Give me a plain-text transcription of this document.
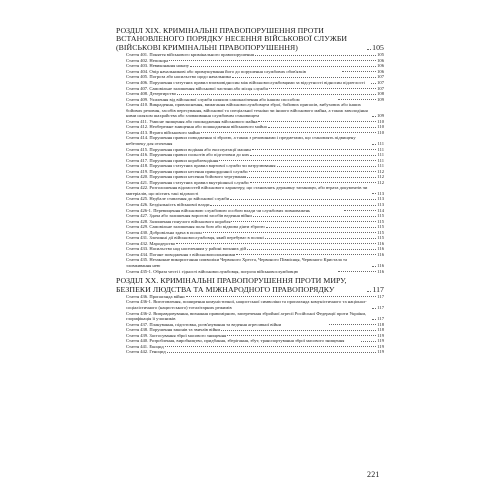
РОЗДІЛ XIX. КРИМІНАЛЬНІ ПРАВОПОРУШЕННЯ ПРОТИ ВСТАНОВЛЕНОГО ПОРЯДКУ НЕСЕННЯ ВІЙСЬКОВОЇ СЛУЖБИ (ВІЙСЬКОВІ КРИМІНАЛЬНІ ПРАВОПОРУШЕННЯ)	105
Стаття 401. Поняття військового кримінального правопорушення	105
Стаття 402. Непокора	106
Стаття 403. Невиконання наказу	106
Стаття 404. Опір начальникові або примушування його до порушення службових обов'язків	106
Стаття 405. Погроза або насильство щодо начальника	107
Стаття 406. Порушення статутних правил взаємовідносин між військовослужбовцями за відсутності відносин підлеглості	107
Стаття 407. Самовільне залишення військової частини або місця служби	107
Стаття 408. Дезертирство	108
Стаття 409. Ухилення від військової служби шляхом самокалічення або іншим способом	109
Стаття 410. Викрадення, привласнення, вимагання військовослужбовцем зброї, бойових припасів, вибухових або інших бойових речовин, засобів пересування, військової та спеціальної техніки чи іншого військового майна, а також заволодіння ними шляхом шахрайства або зловживання службовим становищем	109
Стаття 411. Умисне знищення або пошкодження військового майна	110
Стаття 412. Необережне знищення або пошкодження військового майна	110
Стаття 413. Втрата військового майна	110
Стаття 414. Порушення правил поводження зі зброєю, а також з речовинами і предметами, що становлять підвищену небезпеку для оточення	111
Стаття 415. Порушення правил водіння або експлуатації машин	111
Стаття 416. Порушення правил польотів або підготовки до них	111
Стаття 417. Порушення правил кораблеводіння	111
Стаття 418. Порушення статутних правил вартової служби чи патрулювання	111
Стаття 419. Порушення правил несення прикордонної служби	112
Стаття 420. Порушення правил несення бойового чергування	112
Стаття 421. Порушення статутних правил внутрішньої служби	112
Стаття 422. Розголошення відомостей військового характеру, що становлять державну таємницю, або втрата документів чи матеріалів, що містять такі відомості	113
Стаття 425. Недбале ставлення до військової служби	113
Стаття 426. Бездіяльність військової влади	113
Стаття 426-1. Перевищення військовою службовою особою влади чи службових повноважень	114
Стаття 427. Здача або залишення ворогові засобів ведення війни	115
Стаття 428. Залишення гинучого військового корабля	115
Стаття 429. Самовільне залишення поля бою або відмова діяти зброєю	115
Стаття 430. Добровільна здача в полон	115
Стаття 431. Злочинні дії військовослужбовця, який перебуває в полоні	115
Стаття 432. Мародерство	116
Стаття 433. Насильство над населенням у районі воєнних дій	116
Стаття 434. Погане поводження з військовополоненими	116
Стаття 435. Незаконне використання символіки Червоного Хреста, Червоного Півмісяця, Червоного Кристала та зловживання нею	116
Стаття 435-1. Образа честі і гідності військовослужбовця, погроза військовослужбовцю	116
РОЗДІЛ XX. КРИМІНАЛЬНІ ПРАВОПОРУШЕННЯ ПРОТИ МИРУ, БЕЗПЕКИ ЛЮДСТВА ТА МІЖНАРОДНОГО ПРАВОПОРЯДКУ	117
Стаття 436. Пропаганда війни	117
Стаття 436-1. Виготовлення, поширення комуністичної, нацистської символіки та пропаганда комуністичного та націонал-соціалістичного (нацистського) тоталітарних режимів	117
Стаття 436-2. Виправдовування, визнання правомірною, заперечення збройної агресії Російської Федерації проти України, глорифікація її учасників	117
Стаття 437. Планування, підготовка, розв'язування та ведення агресивної війни	118
Стаття 438. Порушення законів та звичаїв війни	118
Стаття 439. Застосування зброї масового знищення	119
Стаття 440. Розроблення, виробництво, придбання, зберігання, збут, транспортування зброї масового знищення	119
Стаття 441. Екоцид	119
Стаття 442. Геноцид	119
221
